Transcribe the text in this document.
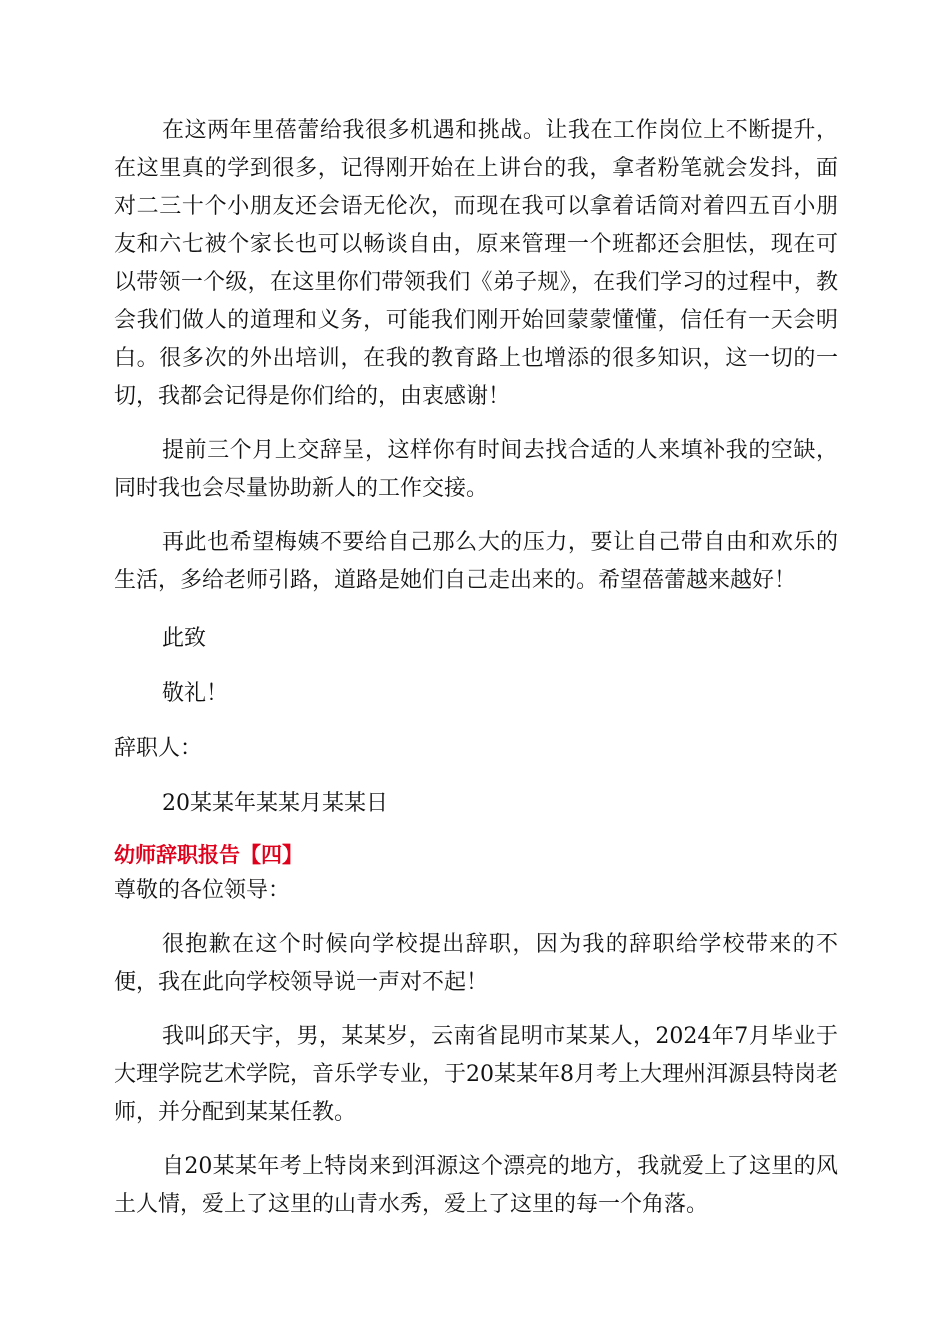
在这两年里蓓蕾给我很多机遇和挑战。让我在工作岗位上不断提升，在这里真的学到很多，记得刚开始在上讲台的我，拿者粉笔就会发抖，面对二三十个小朋友还会语无伦次，而现在我可以拿着话筒对着四五百小朋友和六七被个家长也可以畅谈自由，原来管理一个班都还会胆怯，现在可以带领一个级，在这里你们带领我们《弟子规》，在我们学习的过程中，教会我们做人的道理和义务，可能我们刚开始回蒙蒙懂懂，信任有一天会明白。很多次的外出培训，在我的教育路上也增添的很多知识，这一切的一切，我都会记得是你们给的，由衷感谢！

提前三个月上交辞呈，这样你有时间去找合适的人来填补我的空缺，同时我也会尽量协助新人的工作交接。

再此也希望梅姨不要给自己那么大的压力，要让自己带自由和欢乐的生活，多给老师引路，道路是她们自己走出来的。希望蓓蕾越来越好！

此致

敬礼！

辞职人：

20某某年某某月某某日

幼师辞职报告【四】

尊敬的各位领导：

很抱歉在这个时候向学校提出辞职，因为我的辞职给学校带来的不便，我在此向学校领导说一声对不起！

我叫邱天宇，男，某某岁，云南省昆明市某某人，2024年7月毕业于大理学院艺术学院，音乐学专业，于20某某年8月考上大理州洱源县特岗老师，并分配到某某任教。

自20某某年考上特岗来到洱源这个漂亮的地方，我就爱上了这里的风土人情，爱上了这里的山青水秀，爱上了这里的每一个角落。
